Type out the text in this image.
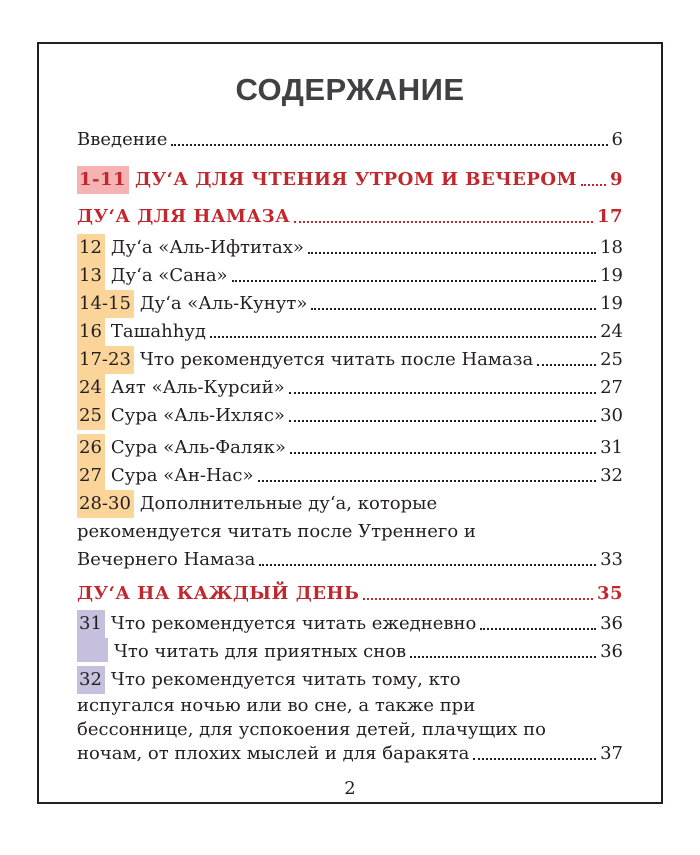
СОДЕРЖАНИЕ
Введение	6
1-11 ДУ‘А ДЛЯ ЧТЕНИЯ УТРОМ И ВЕЧЕРОМ 9
ДУ‘А ДЛЯ НАМАЗА	17
12 Ду‘а «Аль-Ифтитах»	18
13 Ду‘а «Сана»	19
14-15 Ду‘а «Аль-Кунут»	19
16 Ташаhhуд	24
17-23 Что рекомендуется читать после Намаза	25
24 Аят «Аль-Курсий»	27
25 Сура «Аль-Ихляс»	30
26 Сура «Аль-Фаляк»	31
27 Сура «Ан-Нас»	32
28-30 Дополнительные ду‘а, которые
рекомендуется читать после Утреннего и
Вечернего Намаза	33
ДУ‘А НА КАЖДЫЙ ДЕНЬ	35
31 Что рекомендуется читать ежедневно	36
Что читать для приятных снов	36
32 Что рекомендуется читать тому, кто
испугался ночью или во сне, а также при
бессоннице, для успокоения детей, плачущих по
ночам, от плохих мыслей и для баракята	37
2
